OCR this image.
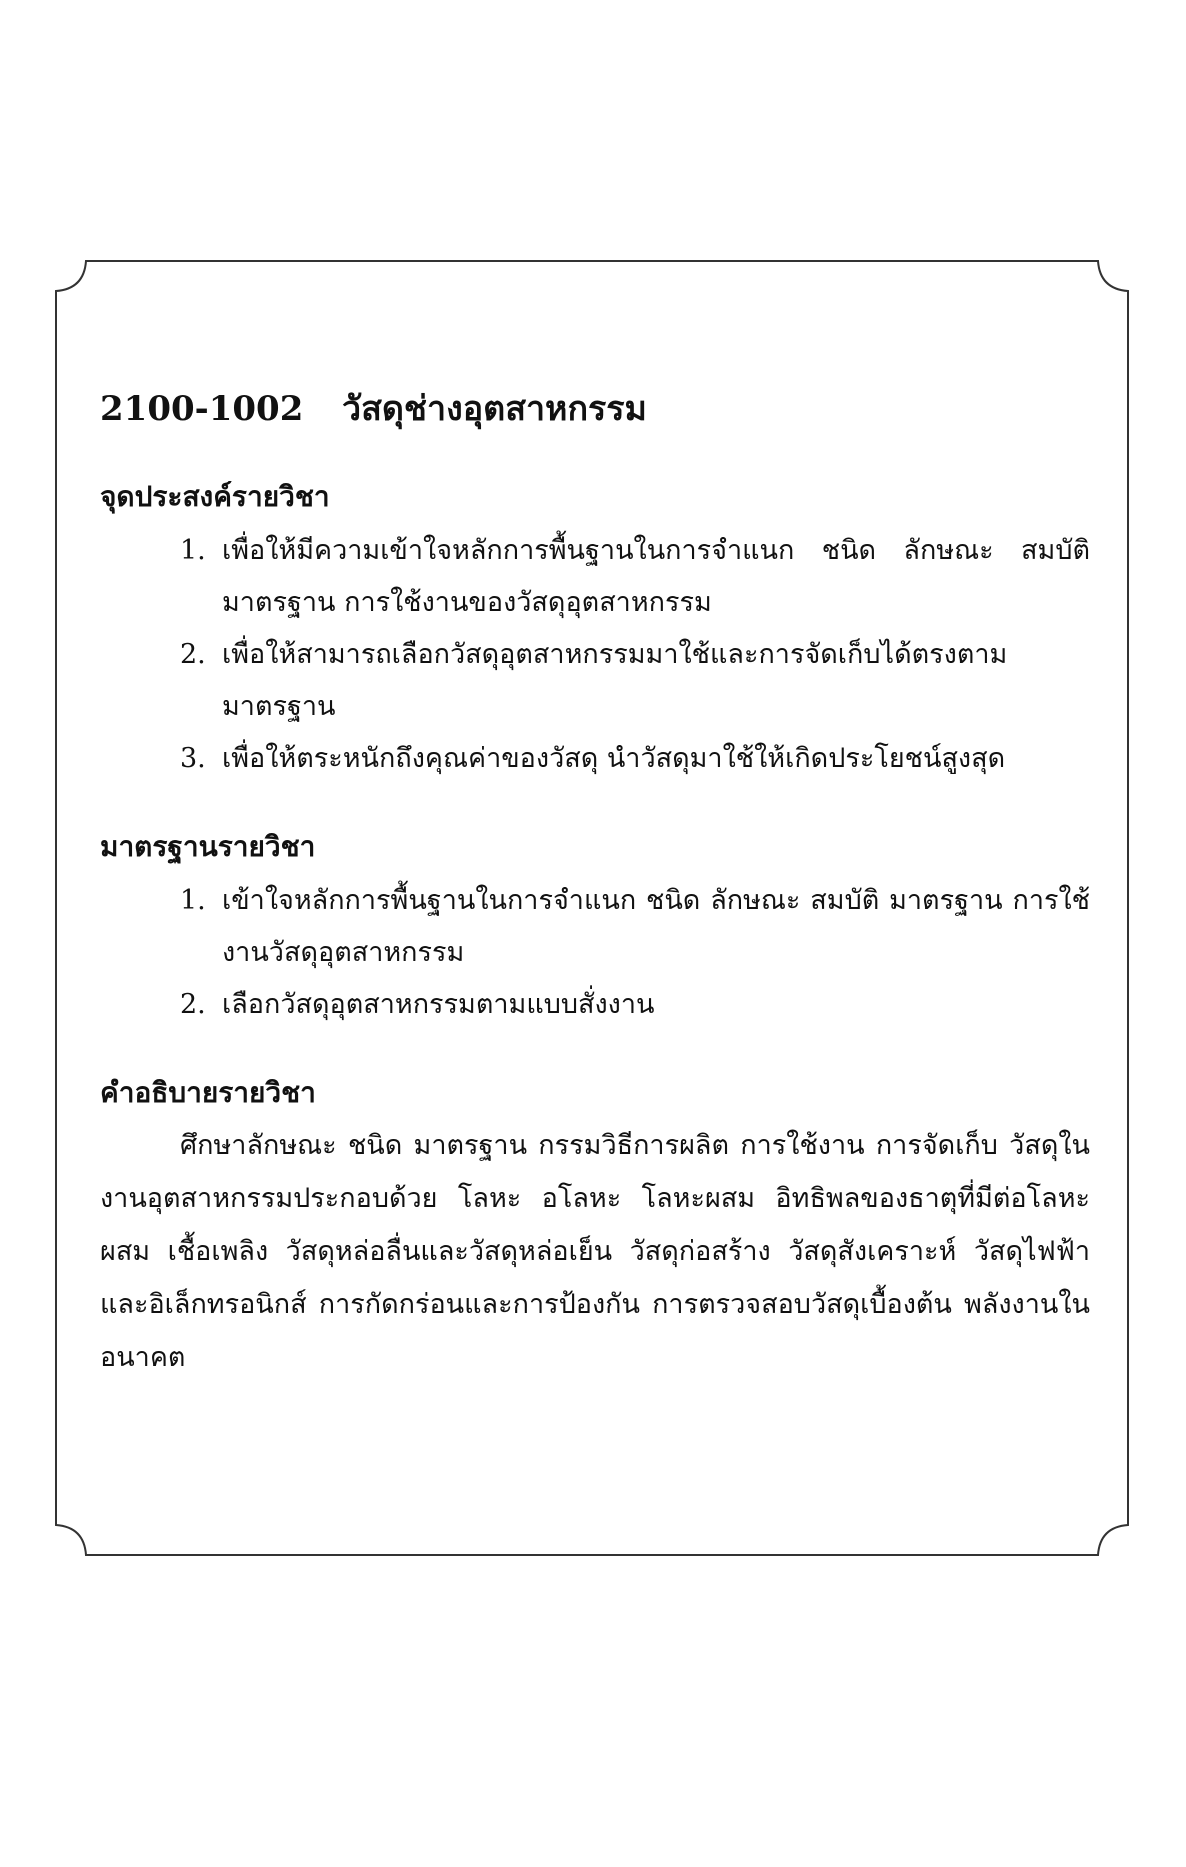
2100-1002 วัสดุช่างอุตสาหกรรม
จุดประสงค์รายวิชา
1. เพื่อให้มีความเข้าใจหลักการพื้นฐานในการจำแนก ชนิด ลักษณะ สมบัติ มาตรฐาน การใช้งานของวัสดุอุตสาหกรรม
2. เพื่อให้สามารถเลือกวัสดุอุตสาหกรรมมาใช้และการจัดเก็บได้ตรงตามมาตรฐาน
3. เพื่อให้ตระหนักถึงคุณค่าของวัสดุ นำวัสดุมาใช้ให้เกิดประโยชน์สูงสุด
มาตรฐานรายวิชา
1. เข้าใจหลักการพื้นฐานในการจำแนก ชนิด ลักษณะ สมบัติ มาตรฐาน การใช้งานวัสดุอุตสาหกรรม
2. เลือกวัสดุอุตสาหกรรมตามแบบสั่งงาน
คำอธิบายรายวิชา

ศึกษาลักษณะ ชนิด มาตรฐาน กรรมวิธีการผลิต การใช้งาน การจัดเก็บ วัสดุในงานอุตสาหกรรมประกอบด้วย โลหะ อโลหะ โลหะผสม อิทธิพลของธาตุที่มีต่อโลหะผสม เชื้อเพลิง วัสดุหล่อลื่นและวัสดุหล่อเย็น วัสดุก่อสร้าง วัสดุสังเคราะห์ วัสดุไฟฟ้าและอิเล็กทรอนิกส์ การกัดกร่อนและการป้องกัน การตรวจสอบวัสดุเบื้องต้น พลังงานในอนาคต
